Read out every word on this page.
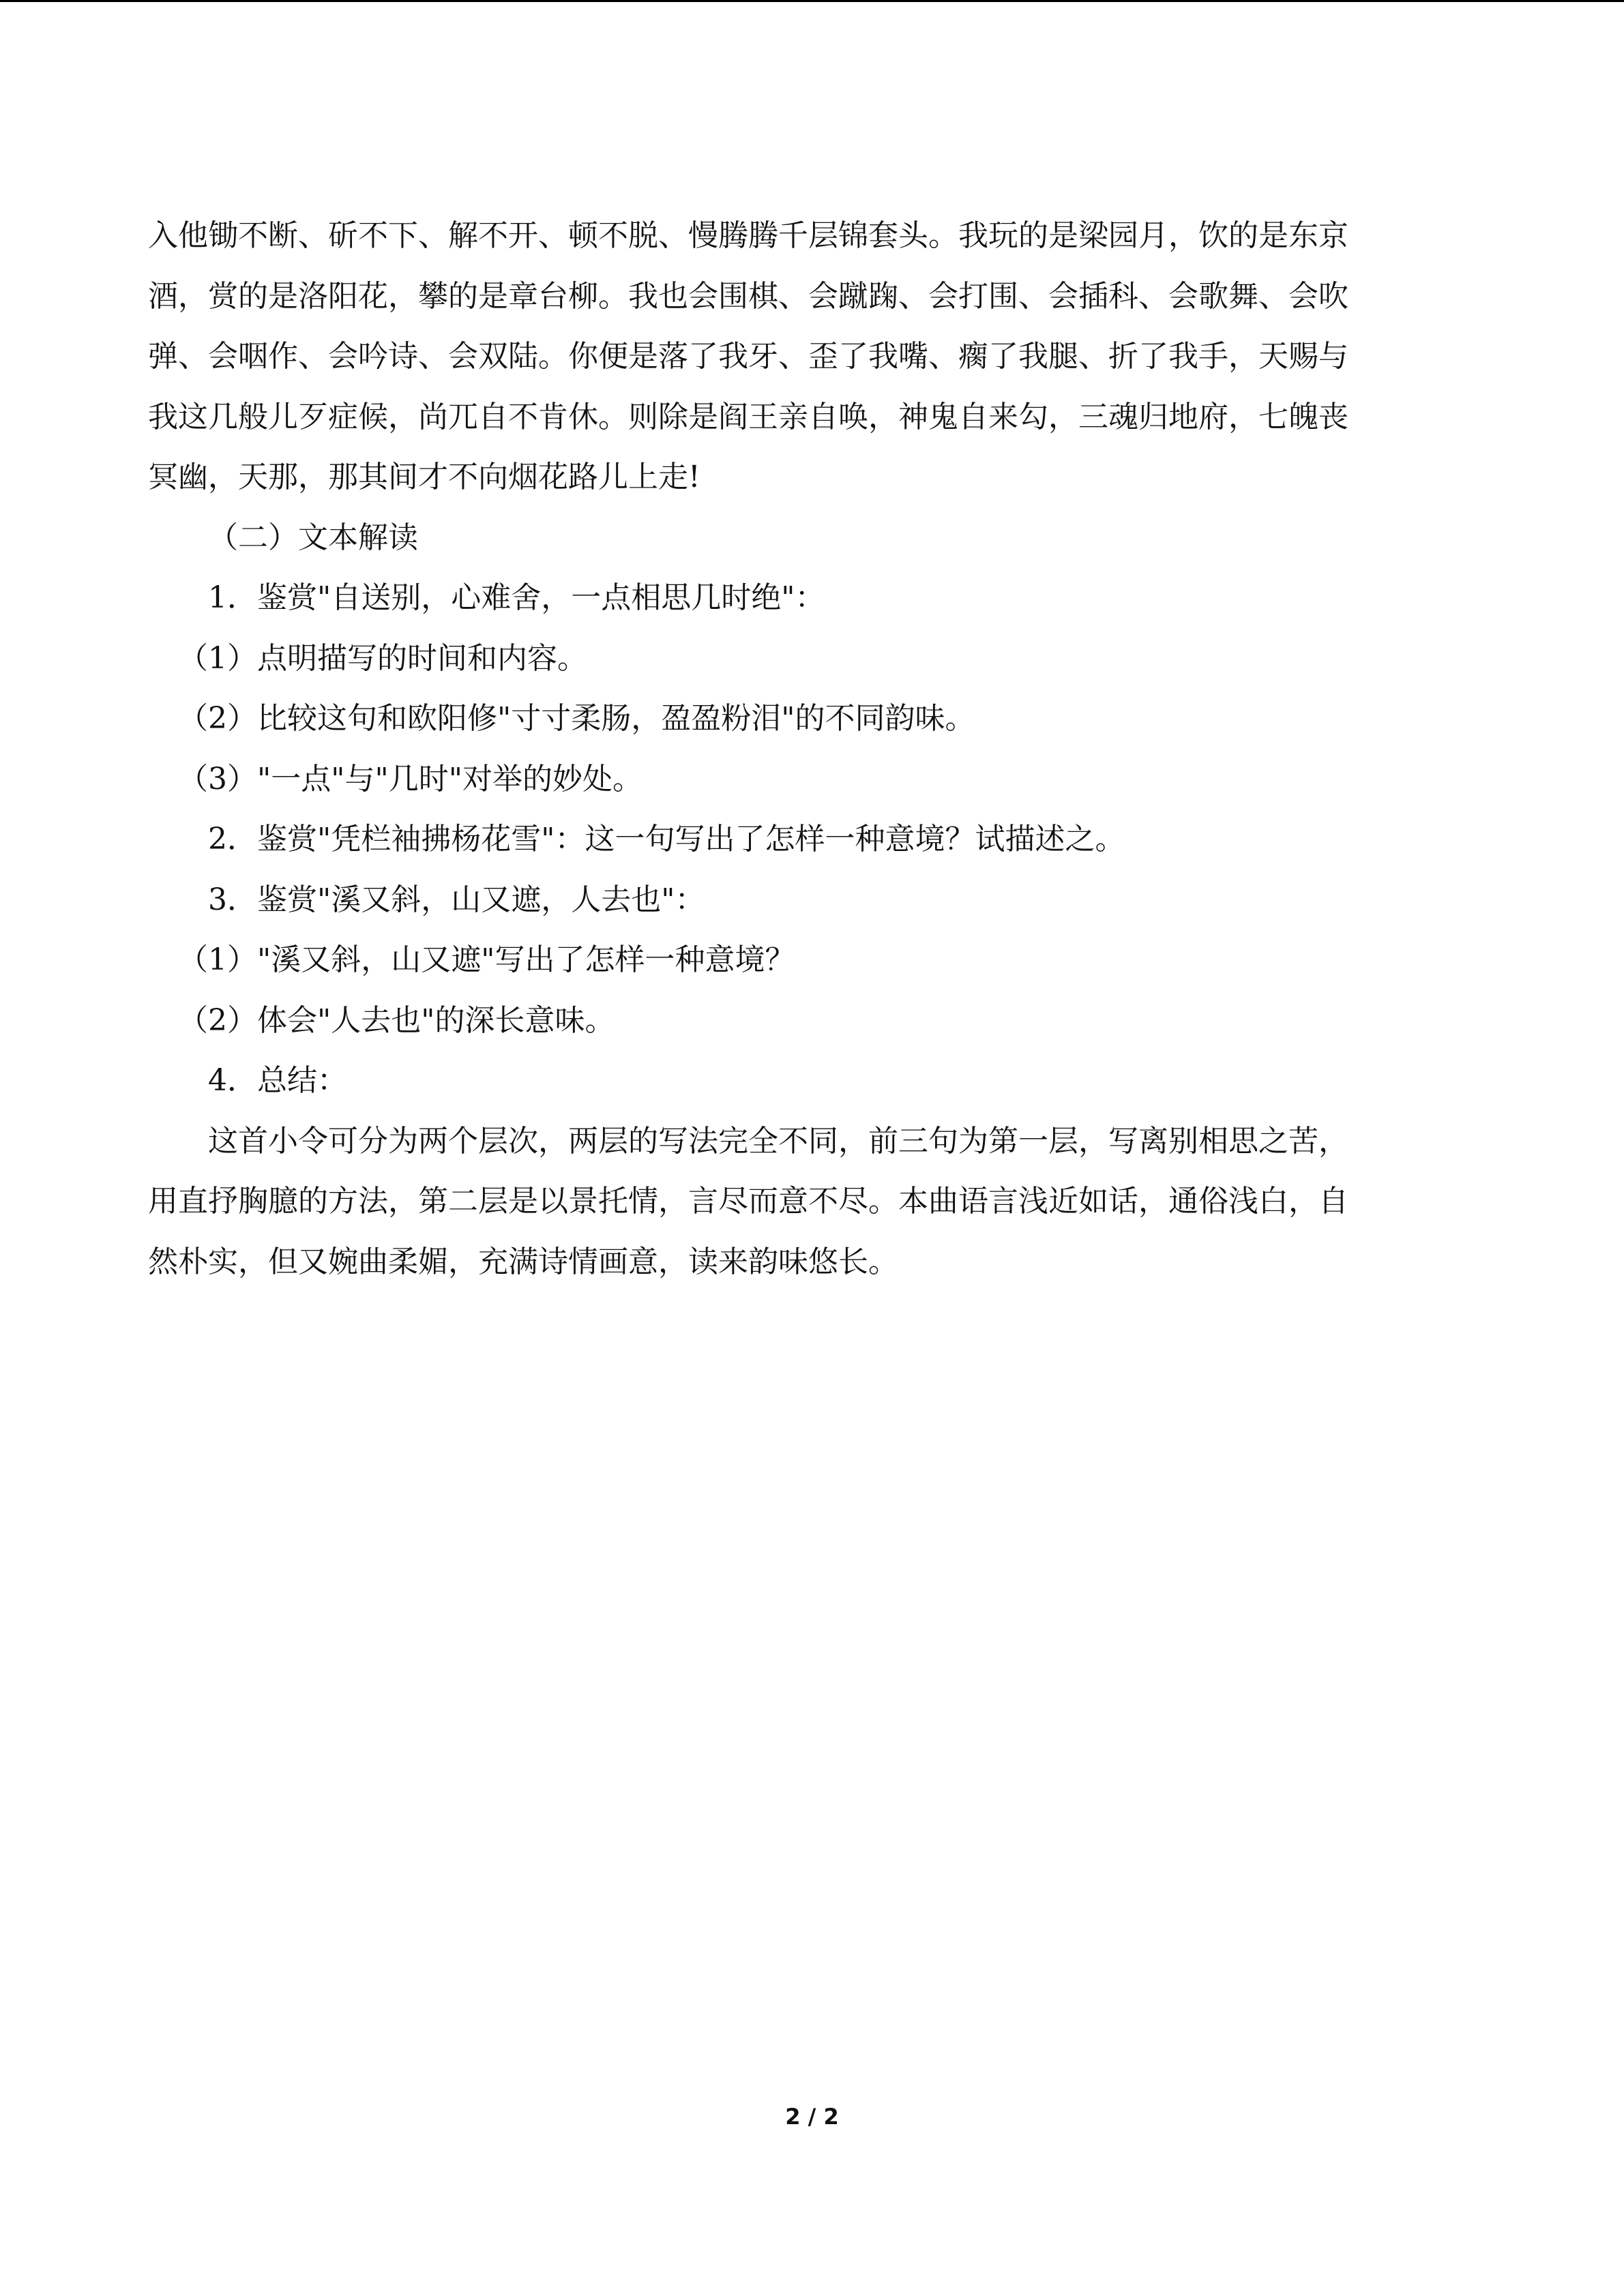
入他锄不断、斫不下、解不开、顿不脱、慢腾腾千层锦套头。我玩的是梁园月，饮的是东京

酒，赏的是洛阳花，攀的是章台柳。我也会围棋、会蹴踘、会打围、会插科、会歌舞、会吹

弹、会咽作、会吟诗、会双陆。你便是落了我牙、歪了我嘴、瘸了我腿、折了我手，天赐与

我这几般儿歹症候，尚兀自不肯休。则除是阎王亲自唤，神鬼自来勾，三魂归地府，七魄丧

冥幽，天那，那其间才不向烟花路儿上走!

（二）文本解读

1．鉴赏"自送别，心难舍，一点相思几时绝"：

（1）点明描写的时间和内容。

（2）比较这句和欧阳修"寸寸柔肠，盈盈粉泪"的不同韵味。

（3）"一点"与"几时"对举的妙处。

2．鉴赏"凭栏袖拂杨花雪"：这一句写出了怎样一种意境？试描述之。

3．鉴赏"溪又斜，山又遮，人去也"：

（1）"溪又斜，山又遮"写出了怎样一种意境？

（2）体会"人去也"的深长意味。

4．总结：

这首小令可分为两个层次，两层的写法完全不同，前三句为第一层，写离别相思之苦，

用直抒胸臆的方法，第二层是以景托情，言尽而意不尽。本曲语言浅近如话，通俗浅白，自

然朴实，但又婉曲柔媚，充满诗情画意，读来韵味悠长。

2 / 2
